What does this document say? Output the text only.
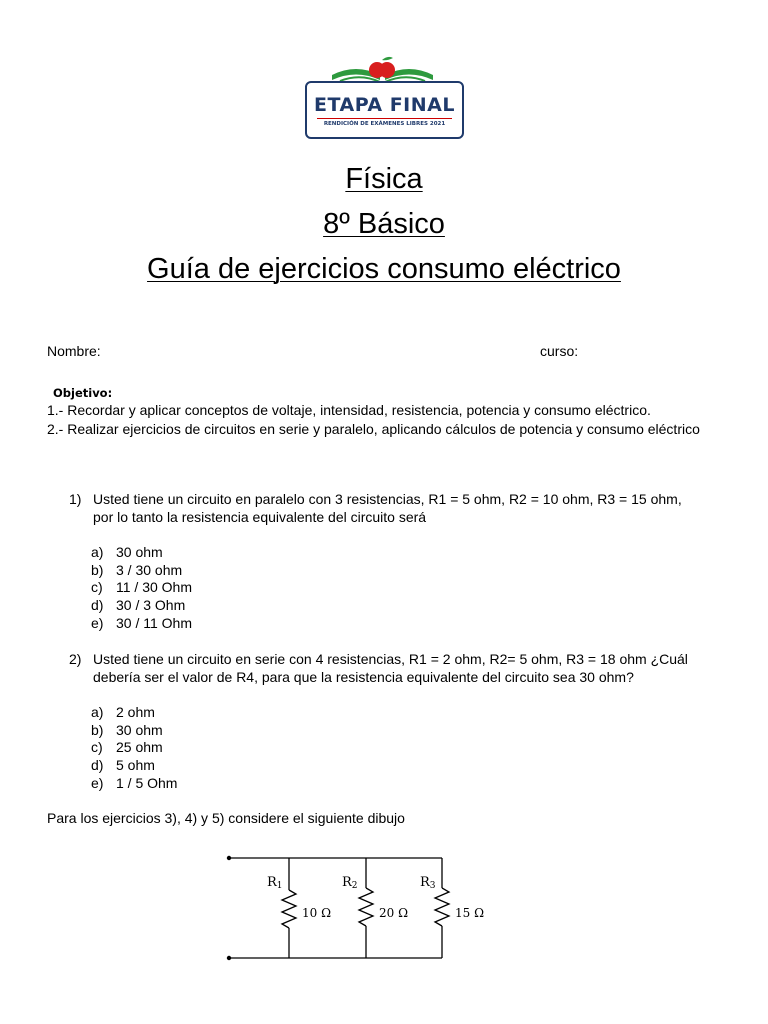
ETAPA FINAL
RENDICIÓN DE EXÁMENES LIBRES 2021
Física
8º Básico
Guía de ejercicios consumo eléctrico
Nombre:	curso:
Objetivo:
1.- Recordar y aplicar conceptos de voltaje, intensidad, resistencia, potencia y consumo eléctrico.
2.- Realizar ejercicios de circuitos en serie y paralelo, aplicando cálculos de potencia y consumo eléctrico
1) Usted tiene un circuito en paralelo con 3 resistencias, R1 = 5 ohm, R2 = 10 ohm, R3 = 15 ohm,
por lo tanto la resistencia equivalente del circuito será
a) 30 ohm
b) 3 / 30 ohm
c) 11 / 30 Ohm
d) 30 / 3 Ohm
e) 30 / 11 Ohm
2) Usted tiene un circuito en serie con 4 resistencias, R1 = 2 ohm, R2= 5 ohm, R3 = 18 ohm ¿Cuál
debería ser el valor de R4, para que la resistencia equivalente del circuito sea 30 ohm?
a) 2 ohm
b) 30 ohm
c) 25 ohm
d) 5 ohm
e) 1 / 5 Ohm
Para los ejercicios 3), 4) y 5) considere el siguiente dibujo
R1
10 Ω
R2
20 Ω
R3
15 Ω
